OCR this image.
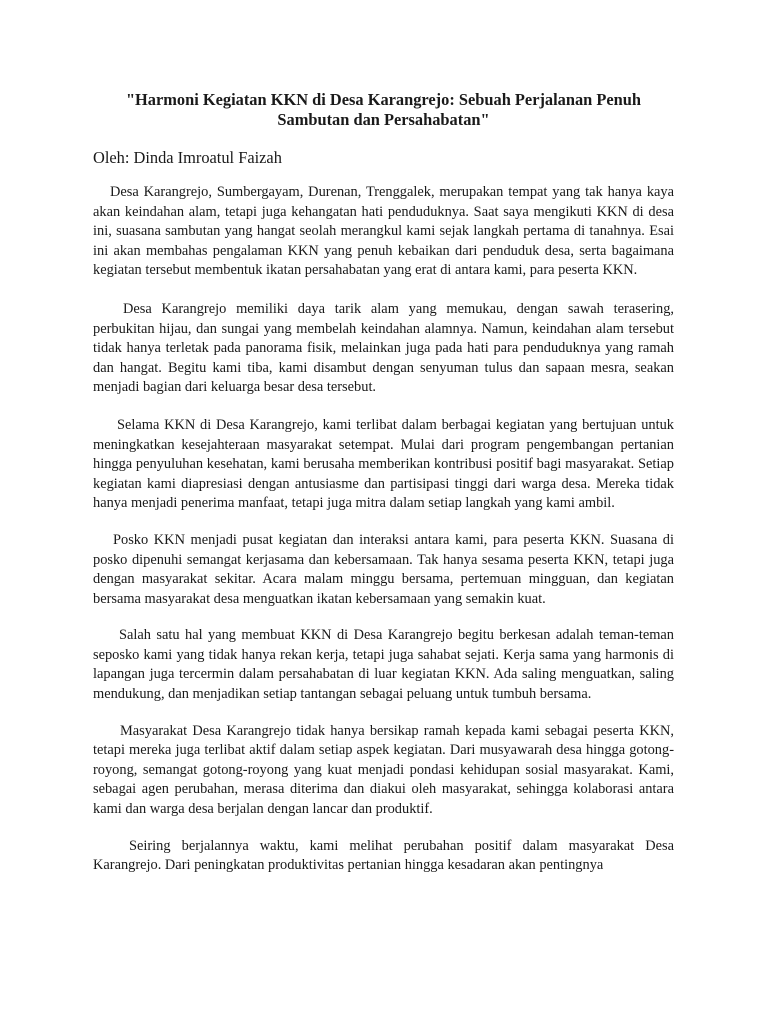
"Harmoni Kegiatan KKN di Desa Karangrejo: Sebuah Perjalanan Penuh Sambutan dan Persahabatan"

Oleh: Dinda Imroatul Faizah

Desa Karangrejo, Sumbergayam, Durenan, Trenggalek, merupakan tempat yang tak hanya kaya akan keindahan alam, tetapi juga kehangatan hati penduduknya. Saat saya mengikuti KKN di desa ini, suasana sambutan yang hangat seolah merangkul kami sejak langkah pertama di tanahnya. Esai ini akan membahas pengalaman KKN yang penuh kebaikan dari penduduk desa, serta bagaimana kegiatan tersebut membentuk ikatan persahabatan yang erat di antara kami, para peserta KKN.

Desa Karangrejo memiliki daya tarik alam yang memukau, dengan sawah terasering, perbukitan hijau, dan sungai yang membelah keindahan alamnya. Namun, keindahan alam tersebut tidak hanya terletak pada panorama fisik, melainkan juga pada hati para penduduknya yang ramah dan hangat. Begitu kami tiba, kami disambut dengan senyuman tulus dan sapaan mesra, seakan menjadi bagian dari keluarga besar desa tersebut.

Selama KKN di Desa Karangrejo, kami terlibat dalam berbagai kegiatan yang bertujuan untuk meningkatkan kesejahteraan masyarakat setempat. Mulai dari program pengembangan pertanian hingga penyuluhan kesehatan, kami berusaha memberikan kontribusi positif bagi masyarakat. Setiap kegiatan kami diapresiasi dengan antusiasme dan partisipasi tinggi dari warga desa. Mereka tidak hanya menjadi penerima manfaat, tetapi juga mitra dalam setiap langkah yang kami ambil.

Posko KKN menjadi pusat kegiatan dan interaksi antara kami, para peserta KKN. Suasana di posko dipenuhi semangat kerjasama dan kebersamaan. Tak hanya sesama peserta KKN, tetapi juga dengan masyarakat sekitar. Acara malam minggu bersama, pertemuan mingguan, dan kegiatan bersama masyarakat desa menguatkan ikatan kebersamaan yang semakin kuat.

Salah satu hal yang membuat KKN di Desa Karangrejo begitu berkesan adalah teman-teman seposko kami yang tidak hanya rekan kerja, tetapi juga sahabat sejati. Kerja sama yang harmonis di lapangan juga tercermin dalam persahabatan di luar kegiatan KKN. Ada saling menguatkan, saling mendukung, dan menjadikan setiap tantangan sebagai peluang untuk tumbuh bersama.

Masyarakat Desa Karangrejo tidak hanya bersikap ramah kepada kami sebagai peserta KKN, tetapi mereka juga terlibat aktif dalam setiap aspek kegiatan. Dari musyawarah desa hingga gotong-royong, semangat gotong-royong yang kuat menjadi pondasi kehidupan sosial masyarakat. Kami, sebagai agen perubahan, merasa diterima dan diakui oleh masyarakat, sehingga kolaborasi antara kami dan warga desa berjalan dengan lancar dan produktif.

Seiring berjalannya waktu, kami melihat perubahan positif dalam masyarakat Desa Karangrejo. Dari peningkatan produktivitas pertanian hingga kesadaran akan pentingnya
